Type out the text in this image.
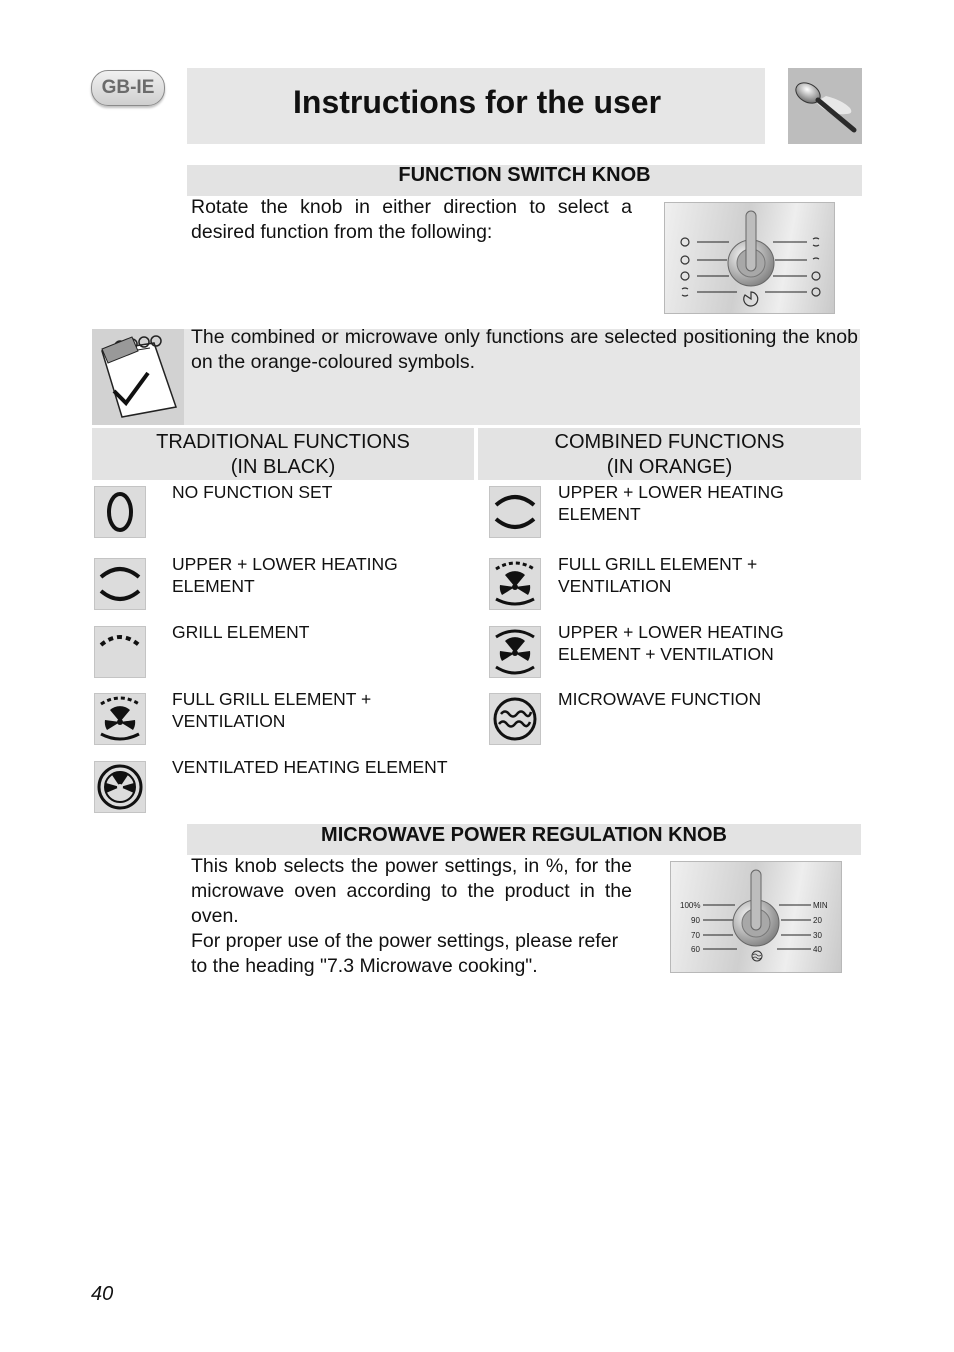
GB-IE	Instructions for the user
FUNCTION SWITCH KNOB
Rotate the knob in either direction to select a desired function from the following:
The combined or microwave only functions are selected positioning the knob on the orange-coloured symbols.
TRADITIONAL FUNCTIONS
(IN BLACK)
COMBINED FUNCTIONS
(IN ORANGE)
NO FUNCTION SET
UPPER + LOWER HEATING ELEMENT
GRILL ELEMENT
FULL GRILL ELEMENT + VENTILATION
VENTILATED HEATING ELEMENT
UPPER + LOWER HEATING ELEMENT
FULL GRILL ELEMENT + VENTILATION
UPPER + LOWER HEATING ELEMENT + VENTILATION
MICROWAVE FUNCTION
MICROWAVE POWER REGULATION KNOB
This knob selects the power settings, in %, for the microwave oven according to the product in the oven.
For proper use of the power settings, please refer to the heading "7.3 Microwave cooking".
100%
90
70
60
MIN
20
30
40
40
